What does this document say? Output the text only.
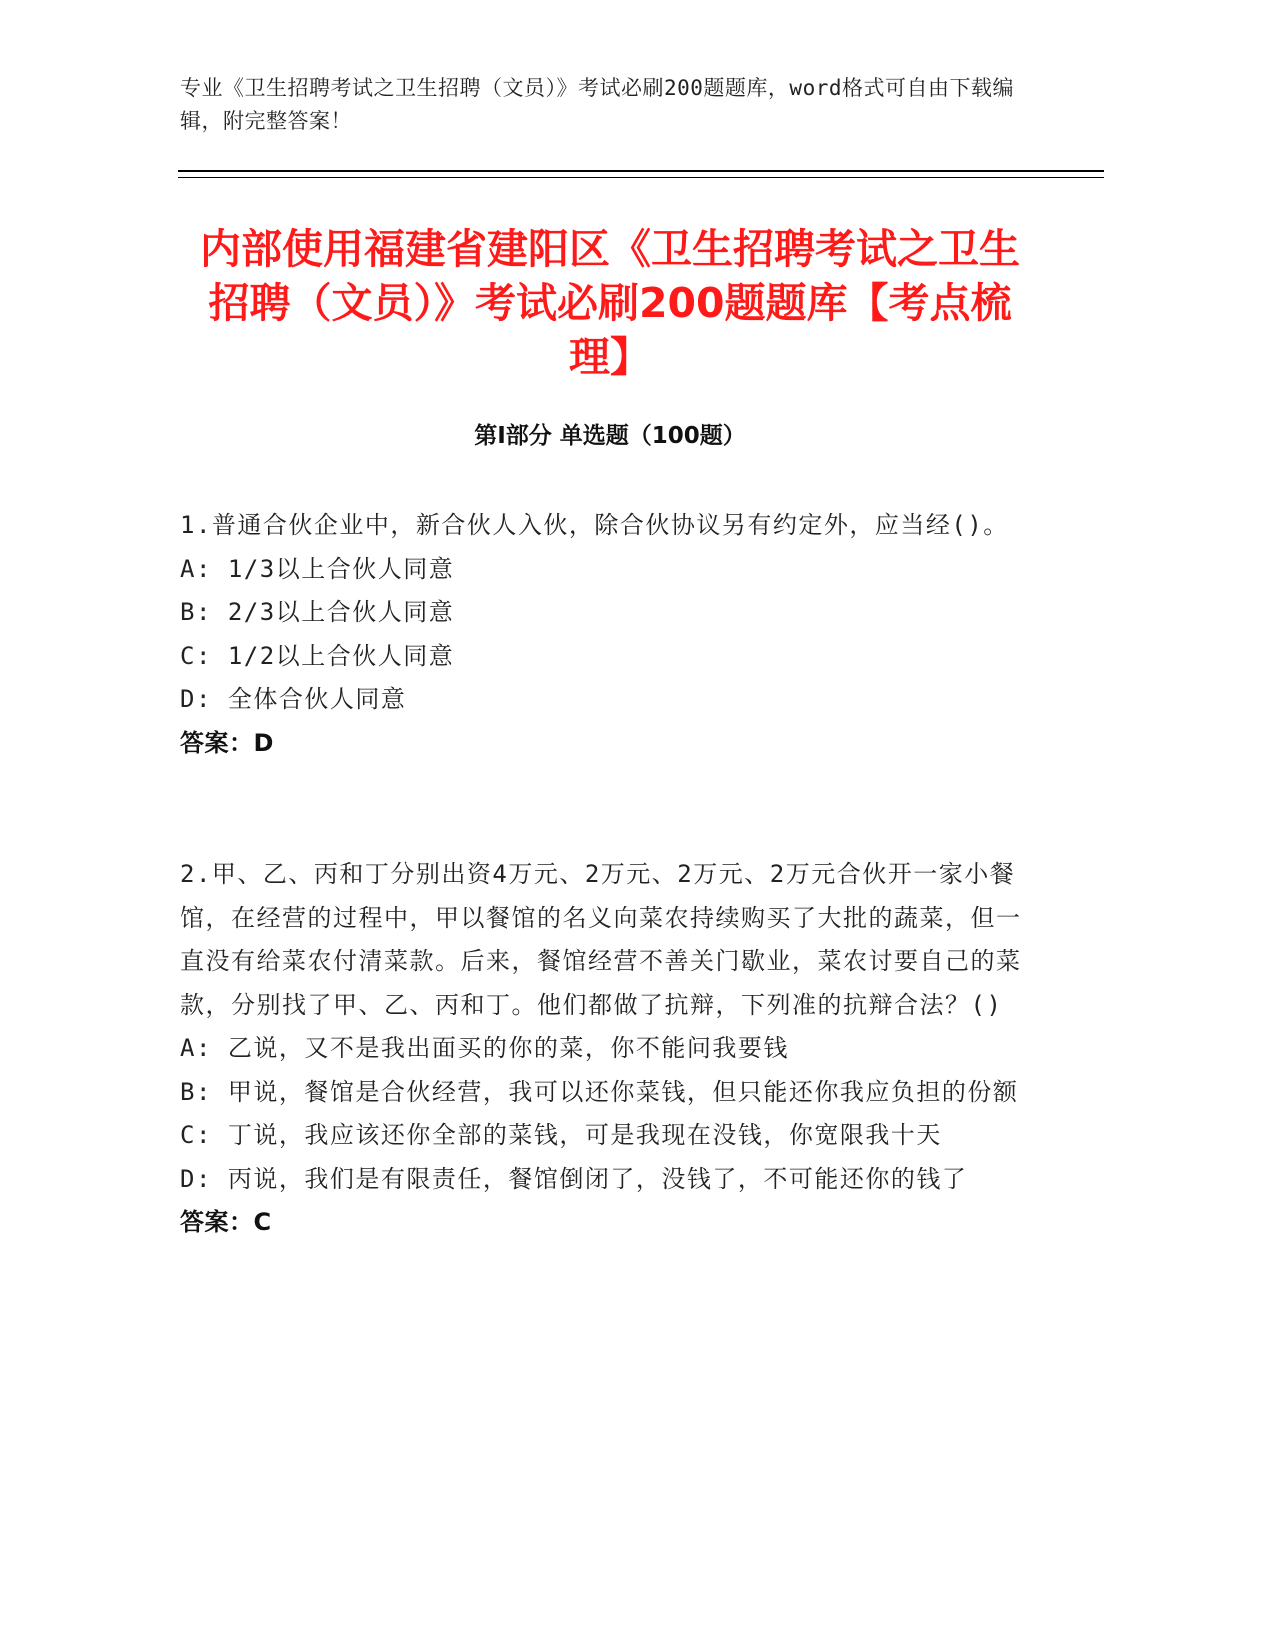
专业《卫生招聘考试之卫生招聘（文员）》考试必刷200题题库，word格式可自由下载编辑，附完整答案！
内部使用福建省建阳区《卫生招聘考试之卫生招聘（文员）》考试必刷200题题库【考点梳理】
第I部分 单选题（100题）
1.普通合伙企业中，新合伙人入伙，除合伙协议另有约定外，应当经()。
A: 1/3以上合伙人同意
B: 2/3以上合伙人同意
C: 1/2以上合伙人同意
D: 全体合伙人同意
答案：D
2.甲、乙、丙和丁分别出资4万元、2万元、2万元、2万元合伙开一家小餐馆，在经营的过程中，甲以餐馆的名义向菜农持续购买了大批的蔬菜，但一直没有给菜农付清菜款。后来，餐馆经营不善关门歇业，菜农讨要自己的菜款，分别找了甲、乙、丙和丁。他们都做了抗辩，下列准的抗辩合法？()
A: 乙说，又不是我出面买的你的菜，你不能问我要钱
B: 甲说，餐馆是合伙经营，我可以还你菜钱，但只能还你我应负担的份额
C: 丁说，我应该还你全部的菜钱，可是我现在没钱，你宽限我十天
D: 丙说，我们是有限责任，餐馆倒闭了，没钱了，不可能还你的钱了
答案：C
